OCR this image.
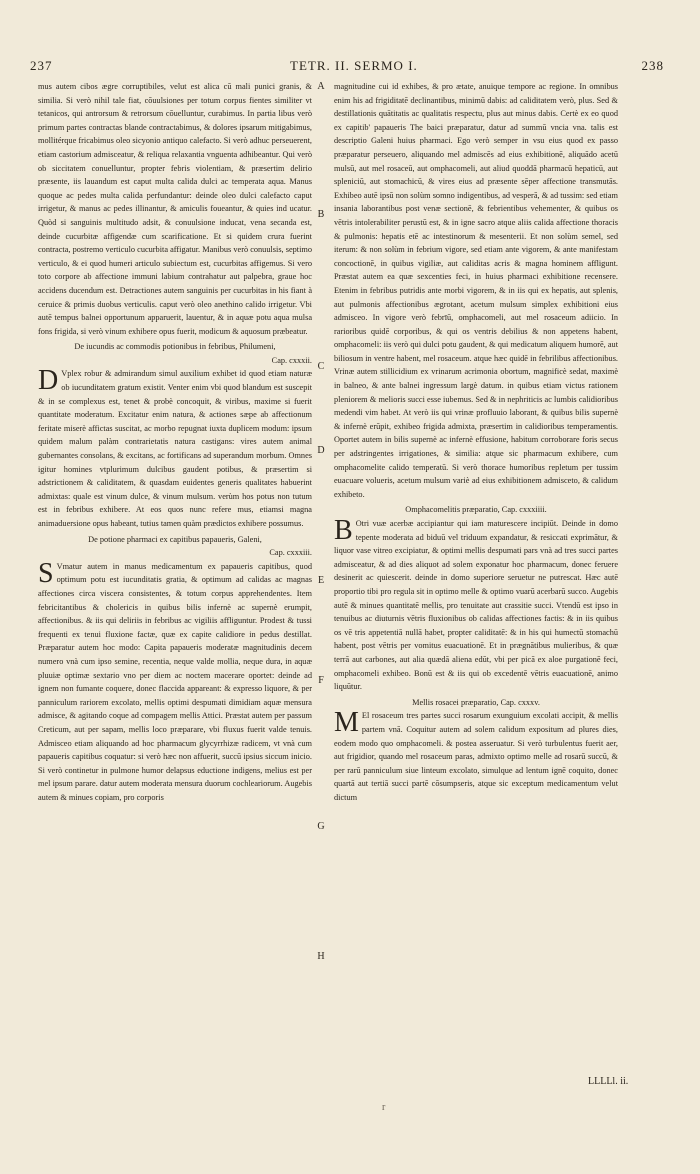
237	TETR. II. SERMO I.	238

mus autem cibos ægre corruptibiles, velut est alica cū mali punici granis, & similia. Si verò nihil tale fiat, cōuulsiones per totum corpus fientes similiter vt tetanicos, qui antrorsum & retrorsum cōuelluntur, curabimus. In partia libus verò primum partes contractas blande contractabimus, & dolores ipsarum mitigabimus, mollitérque fricabimus oleo sicyonio antiquo calefacto. Si verò adhuc perseuerent, etiam castorium admisceatur, & reliqua relaxantia vnguenta adhibeantur. Qui verò ob siccitatem conuelluntur, propter febris violentiam, & præsertim delirio præsente, iis lauandum est caput multa calida dulci ac temperata aqua. Manus quoque ac pedes multa calida perfundantur: deinde oleo dulci calefacto caput irrigetur, & manus ac pedes illinantur, & amiculis foueantur, & quies ind ucatur. Quòd si sanguinis multitudo adsit, & conuulsione inducat, vena secanda est, deinde cucurbitæ affigendæ cum scarificatione. Et si quidem crura fuerint contracta, postremo verticulo cucurbita affigatur. Manibus verò conuulsis, septimo verticulo, & ei quod humeri articulo subiectum est, cucurbitas affigemus. Si vero toto corpore ab affectione immuni labium contrahatur aut palpebra, graue hoc accidens ducendum est. Detractiones autem sanguinis per cucurbitas in his fiant à ceruice & primis duobus verticulis. caput verò oleo anethino calido irrigetur. Vbi autē tempus balnei opportunum apparuerit, lauentur, & in aquæ potu aqua mulsa fons frigida, si verò vinum exhibere opus fuerit, modicum & aquosum præbeatur.

De iucundis ac commodis potionibus in febribus, Philumeni,

Cap. cxxxii.

D Vplex robur & admirandum simul auxilium exhibet id quod etiam naturæ ob iucunditatem gratum existit. Venter enim vbi quod blandum est suscepit & in se complexus est, tenet & probè concoquit, & viribus, maxime si fuerit quantitate moderatum. Excitatur enim natura, & actiones sæpe ab affectionum feritate miserè affictas suscitat, ac morbo repugnat iuxta duplicem modum: ipsum quidem malum palàm contrarietatis natura castigans: vires autem animal gubernantes consolans, & excitans, ac fortificans ad superandum morbum. Omnes igitur homines vtplurimum dulcibus gaudent potibus, & præsertim si adstrictionem & caliditatem, & quasdam euidentes generis qualitates habuerint admixtas: quale est vinum dulce, & vinum mulsum. verùm hos potus non tutum est in febribus exhibere. At eos quos nunc refere mus, etiamsi magna animaduersione opus habeant, tutius tamen quàm prædictos exhibere possumus.

De potione pharmaci ex capitibus papaueris, Galeni,

Cap. cxxxiii.

S Vmatur autem in manus medicamentum ex papaueris capitibus, quod optimum potu est iucunditatis gratia, & optimum ad calidas ac magnas affectiones circa viscera consistentes, & totum corpus apprehendentes. Item febricitantibus & cholericis in quibus bilis infernè ac supernè erumpit, affectionibus. & iis qui deliriis in febribus ac vigiliis affliguntur. Prodest & tussi frequenti ex tenui fluxione factæ, quæ ex capite calidiore in pedus destillat. Præparatur autem hoc modo: Capita papaueris moderatæ magnitudinis decem numero vnà cum ipso semine, recentia, neque valde mollia, neque dura, in aquæ pluuiæ optimæ sextario vno per diem ac noctem macerare oportet: deinde ad ignem non fumante coquere, donec flaccida appareant: & expresso liquore, & per panniculum rariorem excolato, mellis optimi despumati dimidiam aquæ mensura admisce, & agitando coque ad compagem mellis Attici. Præstat autem per passum Creticum, aut per sapam, mellis loco præparare, vbi fluxus fuerit valde tenuis. Admisceo etiam aliquando ad hoc pharmacum glycyrrhizæ radicem, vt vnà cum papaueris capitibus coquatur: si verò hæc non affuerit, succū ipsius siccum inicio. Si verò continetur in pulmone humor delapsus eductione indigens, melius est per mel ipsum parare. datur autem moderata mensura duorum cochleariorum. Augebis autem & minues copiam, pro corporis

A
B
C
D
E
F
G
H

magnitudine cui id exhibes, & pro ætate, anuique tempore ac regione. In omnibus enim his ad frigiditatē declinantibus, minimū dabis: ad caliditatem verò, plus. Sed & destillationis quātitatis ac qualitatis respectu, plus aut minus dabis. Certè ex eo quod ex capitib' papaueris The baici præparatur, datur ad summū vncia vna. talis est descriptio Galeni huius pharmaci. Ego verò semper in vsu eius quod ex passo præparatur perseuero, aliquando mel admiscēs ad eius exhibitionē, aliquādo acetū mulsū, aut mel rosaceū, aut omphacomeli, aut aliud quoddā pharmacū hepaticū, aut spleniciū, aut stomachicū, & vires eius ad præsente sēper affectione transmutās. Exhibeo autē ipsū non solùm somno indigentibus, ad vesperā, & ad tussim: sed etiam insania laborantibus post venæ sectionē, & febrientibus vehementer, & quibus os vētris intolerabiliter perustū est, & in igne sacro atque aliis calida affectione thoracis & pulmonis: hepatis etē ac intestinorum & mesenterii. Et non solùm semel, sed iterum: & non solùm in febrium vigore, sed etiam ante vigorem, & ante manifestam concoctionē, in quibus vigiliæ, aut caliditas acris & magna hominem affligunt. Præstat autem ea quæ sexcenties feci, in huius pharmaci exhibitione recensere. Etenim in febribus putridis ante morbi vigorem, & in iis qui ex hepatis, aut splenis, aut pulmonis affectionibus ægrotant, acetum mulsum simplex exhibitioni eius admisceo. In vigore verò febrīū, omphacomeli, aut mel rosaceum adiicio. In rarioribus quidē corporibus, & qui os ventris debilius & non appetens habent, omphacomeli: iis verò qui dulci potu gaudent, & qui medicatum aliquem humorē, aut biliosum in ventre habent, mel rosaceum. atque hæc quidē in febrilibus affectionibus. Vrinæ autem stillicidium ex vrinarum acrimonia obortum, magnificè sedat, maximè in balneo, & ante balnei ingressum largè datum. in quibus etiam victus rationem pleniorem & melioris succi esse iubemus. Sed & in nephriticis ac lumbis calidioribus medendi vim habet. At verò iis qui vrinæ profluuio laborant, & quibus bilis supernè & infernè erūpit, exhibeo frigida admixta, præsertim in calidioribus temperamentis. Oportet autem in bilis supernè ac infernè effusione, habitum corroborare foris secus per adstringentes irrigationes, & similia: atque sic pharmacum exhibere, cum omphacomelite calido temperatū. Si verò thorace humoribus repletum per tussim euacuare volueris, acetum mulsum variè ad eius exhibitionem admisceto, & calidum exhibeto.

Omphacomelitis præparatio, Cap. cxxxiiii.

B Otri vuæ acerbæ accipiantur qui iam maturescere incipiūt. Deinde in domo tepente moderata ad biduū vel triduum expandatur, & resiccati exprimātur, & liquor vase vitreo excipiatur, & optimi mellis despumati pars vnà ad tres succi partes admisceatur, & ad dies aliquot ad solem exponatur hoc pharmacum, donec feruere desinerit ac quiescerit. deinde in domo superiore seruetur ne putrescat. Hæc autē proportio tibi pro regula sit in optimo melle & optimo vuarū acerbarū succo. Augebis autē & minues quantitatē mellis, pro tenuitate aut crassitie succi. Vtendū est ipso in tenuibus ac diuturnis vētris fluxionibus ob calidas affectiones factis: & in iis quibus os vē tris appetentiā nullā habet, propter caliditatē: & in his qui humectū stomachū habent, post vētris per vomitus euacuationē. Et in prægnātibus mulieribus, & quæ terrā aut carbones, aut alia quædā aliena edūt, vbi per picā ex aloe purgationē feci, omphacomeli exhibeo. Bonū est & iis qui ob excedentē vētris euacuationē, animo liquūtur.

Mellis rosacei præparatio, Cap. cxxxv.

M El rosaceum tres partes succi rosarum exunguium excolati accipit, & mellis partem vnā. Coquitur autem ad solem calidum expositum ad plures dies, eodem modo quo omphacomeli. & postea asseruatur. Si verò turbulentus fuerit aer, aut frigidior, quando mel rosaceum paras, admixto optimo melle ad rosarū succū, & per rarū panniculum siue linteum excolato, simulque ad lentum ignē coquito, donec quartā aut tertiā succi partē cōsumpseris, atque sic exceptum medicamentum velut dictum

LLLLl. ii.
r
